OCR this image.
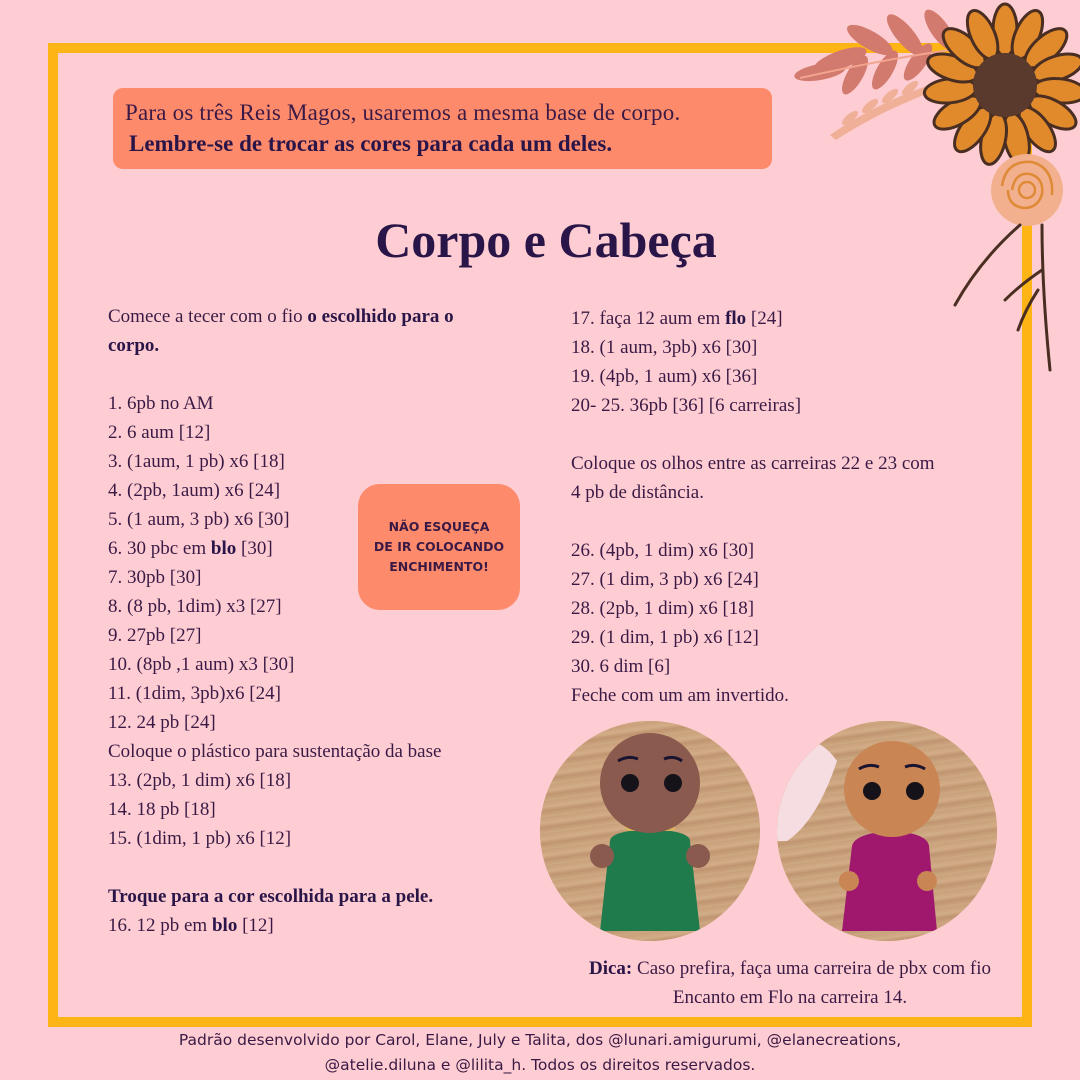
Para os três Reis Magos, usaremos a mesma base de corpo.
Lembre-se de trocar as cores para cada um deles.
Corpo e Cabeça
Comece a tecer com o fio o escolhido para o corpo.
1. 6pb no AM
2. 6 aum [12]
3. (1aum, 1 pb) x6 [18]
4. (2pb, 1aum) x6 [24]
5. (1 aum, 3 pb) x6 [30]
6. 30 pbc em blo [30]
7. 30pb [30]
8. (8 pb, 1dim) x3 [27]
9. 27pb [27]
10. (8pb ,1 aum) x3 [30]
11. (1dim, 3pb)x6 [24]
12. 24 pb [24]
Coloque o plástico para sustentação da base
13. (2pb, 1 dim) x6 [18]
14. 18 pb [18]
15. (1dim, 1 pb) x6 [12]
Troque para a cor escolhida para a pele.
16. 12 pb em blo [12]
NÃO ESQUEÇA
DE IR COLOCANDO
ENCHIMENTO!
17. faça 12 aum em flo [24]
18. (1 aum, 3pb) x6 [30]
19. (4pb, 1 aum) x6 [36]
20- 25. 36pb [36] [6 carreiras]
Coloque os olhos entre as carreiras 22 e 23 com
4 pb de distância.
26. (4pb, 1 dim) x6 [30]
27. (1 dim, 3 pb) x6 [24]
28. (2pb, 1 dim) x6 [18]
29. (1 dim, 1 pb) x6 [12]
30. 6 dim [6]
Feche com um am invertido.
Dica: Caso prefira, faça uma carreira de pbx com fio
Encanto em Flo na carreira 14.
Padrão desenvolvido por Carol, Elane, July e Talita, dos @lunari.amigurumi, @elanecreations,
@atelie.diluna e @lilita_h. Todos os direitos reservados.
